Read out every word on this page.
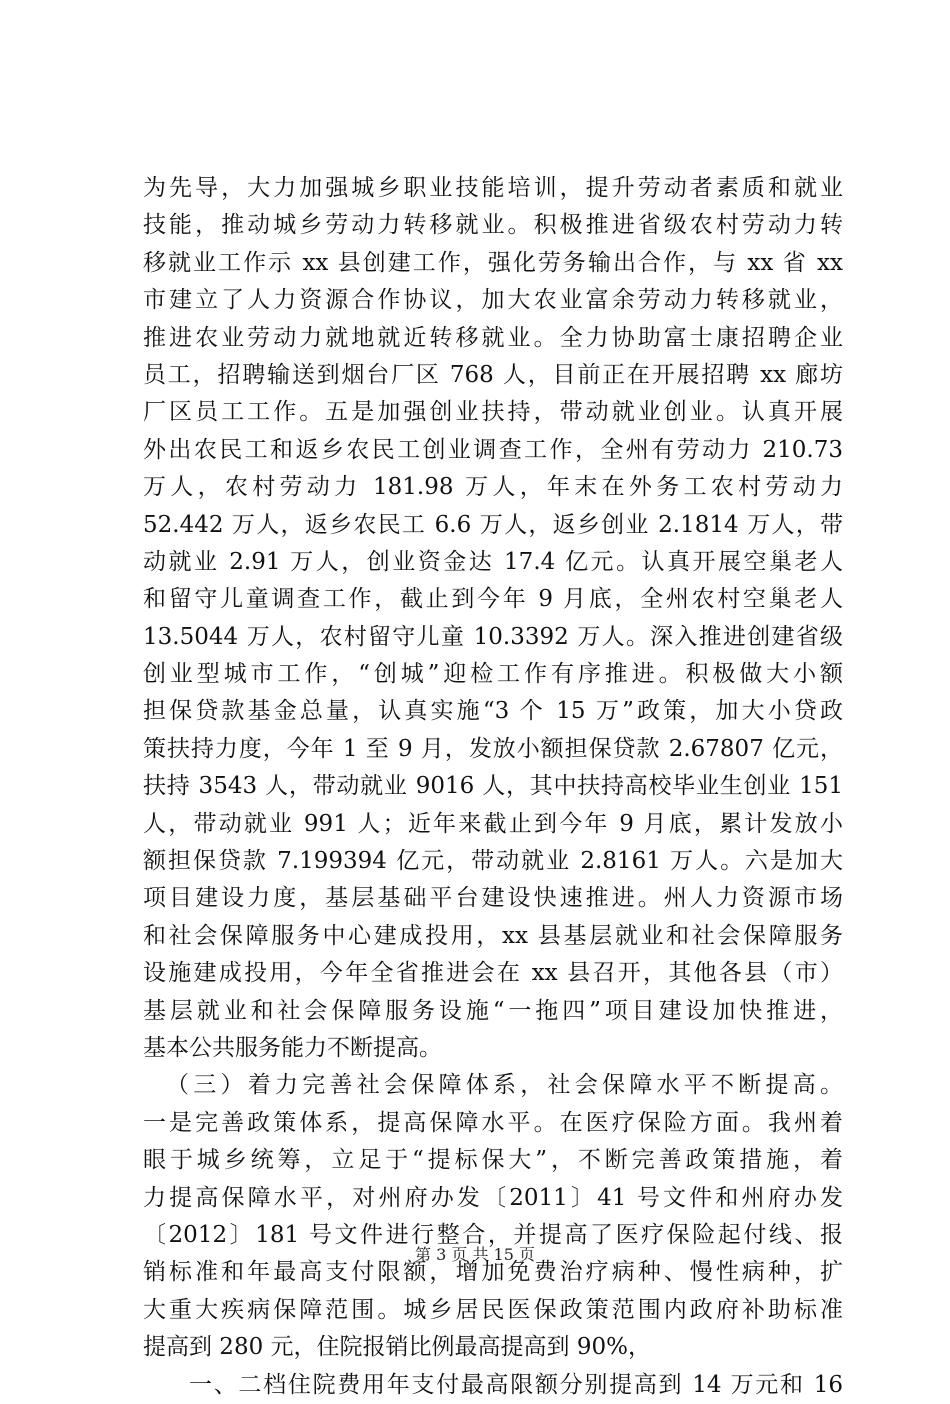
为先导，大力加强城乡职业技能培训，提升劳动者素质和就业
技能，推动城乡劳动力转移就业。积极推进省级农村劳动力转
移就业工作示 xx 县创建工作，强化劳务输出合作，与 xx 省 xx
市建立了人力资源合作协议，加大农业富余劳动力转移就业，
推进农业劳动力就地就近转移就业。全力协助富士康招聘企业
员工，招聘输送到烟台厂区 768 人，目前正在开展招聘 xx 廊坊
厂区员工工作。五是加强创业扶持，带动就业创业。认真开展
外出农民工和返乡农民工创业调查工作，全州有劳动力 210.73
万人，农村劳动力 181.98 万人，年末在外务工农村劳动力
52.442 万人，返乡农民工 6.6 万人，返乡创业 2.1814 万人，带
动就业 2.91 万人，创业资金达 17.4 亿元。认真开展空巢老人
和留守儿童调查工作，截止到今年 9 月底，全州农村空巢老人
13.5044 万人，农村留守儿童 10.3392 万人。深入推进创建省级
创业型城市工作，“创城”迎检工作有序推进。积极做大小额
担保贷款基金总量，认真实施“3 个 15 万”政策，加大小贷政
策扶持力度，今年 1 至 9 月，发放小额担保贷款 2.67807 亿元，
扶持 3543 人，带动就业 9016 人，其中扶持高校毕业生创业 151
人，带动就业 991 人；近年来截止到今年 9 月底，累计发放小
额担保贷款 7.199394 亿元，带动就业 2.8161 万人。六是加大
项目建设力度，基层基础平台建设快速推进。州人力资源市场
和社会保障服务中心建成投用，xx 县基层就业和社会保障服务
设施建成投用，今年全省推进会在 xx 县召开，其他各县（市）
基层就业和社会保障服务设施“一拖四”项目建设加快推进，
基本公共服务能力不断提高。
（三）着力完善社会保障体系，社会保障水平不断提高。
一是完善政策体系，提高保障水平。在医疗保险方面。我州着
眼于城乡统筹，立足于“提标保大”，不断完善政策措施，着
力提高保障水平，对州府办发〔2011〕41 号文件和州府办发
〔2012〕181 号文件进行整合，并提高了医疗保险起付线、报
销标准和年最高支付限额，增加免费治疗病种、慢性病种，扩
大重大疾病保障范围。城乡居民医保政策范围内政府补助标准
提高到 280 元，住院报销比例最高提高到 90%，
一、二档住院费用年支付最高限额分别提高到 14 万元和 16
第 3 页 共 15 页
